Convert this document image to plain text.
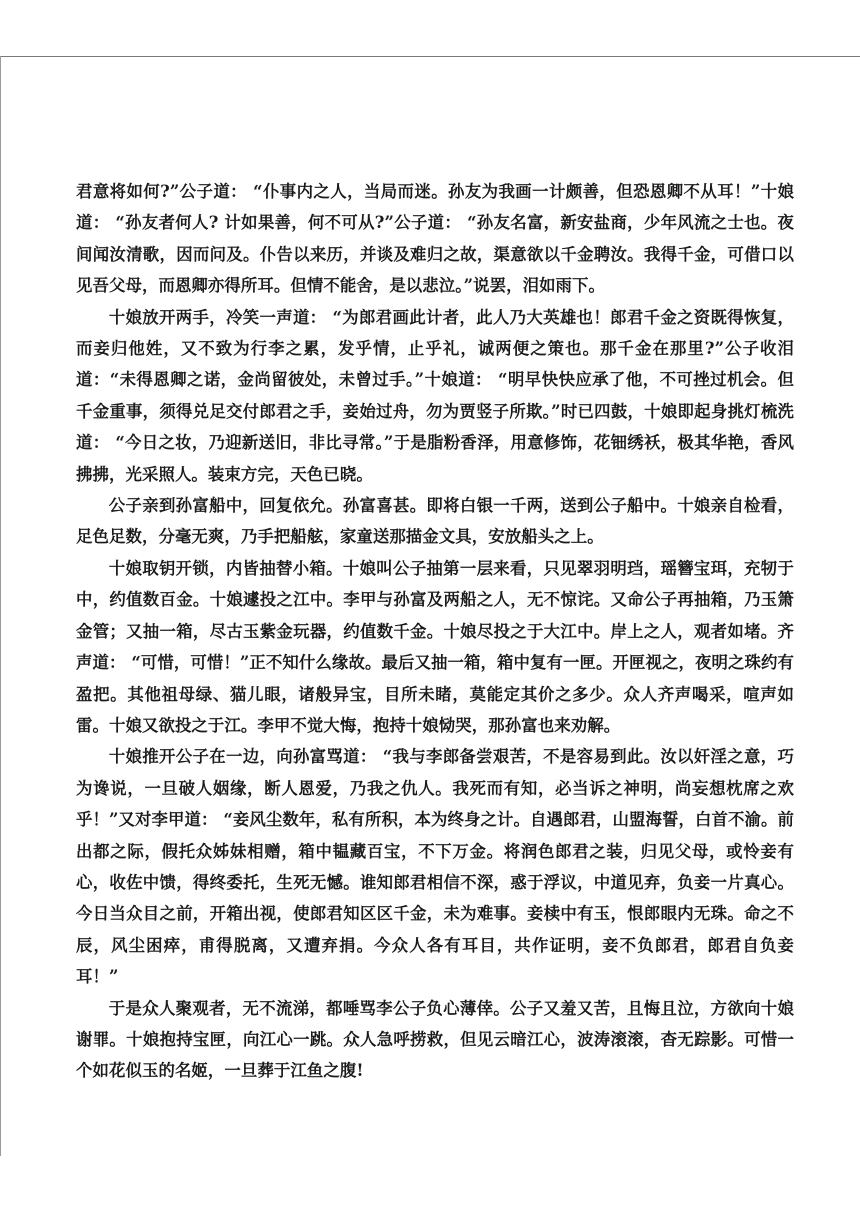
君意将如何?”公子道： “仆事内之人，当局而迷。孙友为我画一计颇善，但恐恩卿不从耳！”十娘道： “孙友者何人? 计如果善，何不可从?”公子道： “孙友名富，新安盐商，少年风流之士也。夜间闻汝清歌，因而问及。仆告以来历，并谈及难归之故，渠意欲以千金聘汝。我得千金，可借口以见吾父母，而恩卿亦得所耳。但情不能舍，是以悲泣。”说罢，泪如雨下。

十娘放开两手，冷笑一声道： “为郎君画此计者，此人乃大英雄也！郎君千金之资既得恢复，而妾归他姓，又不致为行李之累，发乎情，止乎礼，诚两便之策也。那千金在那里?”公子收泪道：“未得恩卿之诺，金尚留彼处，未曾过手。”十娘道： “明早快快应承了他，不可挫过机会。但千金重事，须得兑足交付郎君之手，妾始过舟，勿为贾竖子所欺。”时已四鼓，十娘即起身挑灯梳洗道： “今日之妆，乃迎新送旧，非比寻常。”于是脂粉香泽，用意修饰，花钿绣袄，极其华艳，香风拂拂，光采照人。装束方完，天色已晓。

公子亲到孙富船中，回复依允。孙富喜甚。即将白银一千两，送到公子船中。十娘亲自检看，足色足数，分毫无爽，乃手把船舷，家童送那描金文具，安放船头之上。

十娘取钥开锁，内皆抽替小箱。十娘叫公子抽第一层来看，只见翠羽明珰，瑶簪宝珥，充牣于中，约值数百金。十娘遽投之江中。李甲与孙富及两船之人，无不惊诧。又命公子再抽箱，乃玉箫金管；又抽一箱，尽古玉紫金玩器，约值数千金。十娘尽投之于大江中。岸上之人，观者如堵。齐声道： “可惜，可惜！”正不知什么缘故。最后又抽一箱，箱中复有一匣。开匣视之，夜明之珠约有盈把。其他祖母绿、猫儿眼，诸般异宝，目所未睹，莫能定其价之多少。众人齐声喝采，喧声如雷。十娘又欲投之于江。李甲不觉大悔，抱持十娘恸哭，那孙富也来劝解。

十娘推开公子在一边，向孙富骂道： “我与李郎备尝艰苦，不是容易到此。汝以奸淫之意，巧为谗说，一旦破人姻缘，断人恩爱，乃我之仇人。我死而有知，必当诉之神明，尚妄想枕席之欢乎！”又对李甲道： “妾风尘数年，私有所积，本为终身之计。自遇郎君，山盟海誓，白首不渝。前出都之际，假托众姊妹相赠，箱中韫藏百宝，不下万金。将润色郎君之装，归见父母，或怜妾有心，收佐中馈，得终委托，生死无憾。谁知郎君相信不深，惑于浮议，中道见弃，负妾一片真心。今日当众目之前，开箱出视，使郎君知区区千金，未为难事。妾椟中有玉，恨郎眼内无珠。命之不辰，风尘困瘁，甫得脱离，又遭弃捐。今众人各有耳目，共作证明，妾不负郎君，郎君自负妾耳！”

于是众人聚观者，无不流涕，都唾骂李公子负心薄倖。公子又羞又苦，且悔且泣，方欲向十娘谢罪。十娘抱持宝匣，向江心一跳。众人急呼捞救，但见云暗江心，波涛滚滚，杳无踪影。可惜一个如花似玉的名姬，一旦葬于江鱼之腹!
